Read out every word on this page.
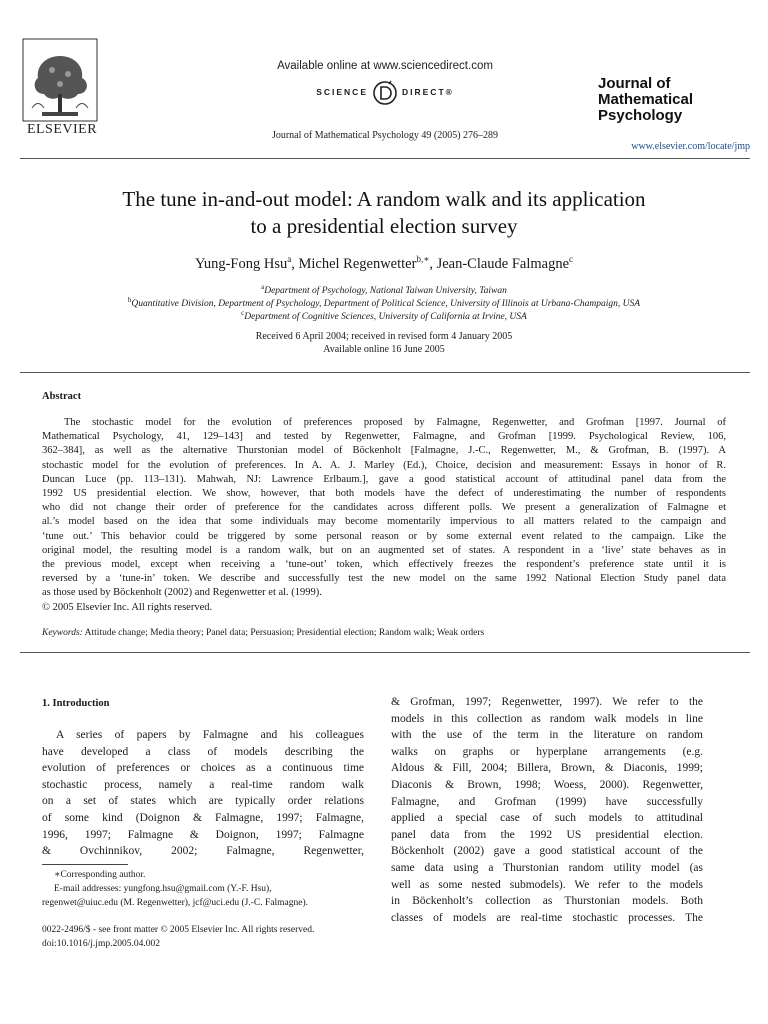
ELSEVIER
Available online at www.sciencedirect.com
SCIENCE	DIRECT®
Journal of Mathematical Psychology 49 (2005) 276–289
Journal of
Mathematical
Psychology
www.elsevier.com/locate/jmp
The tune in-and-out model: A random walk and its application
to a presidential election survey
Yung-Fong Hsu$^a$, Michel Regenwetter$^{b,∗}$, Jean-Claude Falmagne$^c$
$^a$Department of Psychology, National Taiwan University, Taiwan
$^b$Quantitative Division, Department of Psychology, Department of Political Science, University of Illinois at Urbana-Champaign, USA
$^c$Department of Cognitive Sciences, University of California at Irvine, USA
Received 6 April 2004; received in revised form 4 January 2005
Available online 16 June 2005
Abstract
The stochastic model for the evolution of preferences proposed by Falmagne, Regenwetter, and Grofman [1997. Journal of
Mathematical Psychology, 41, 129–143] and tested by Regenwetter, Falmagne, and Grofman [1999. Psychological Review, 106,
362–384], as well as the alternative Thurstonian model of Böckenholt [Falmagne, J.-C., Regenwetter, M., & Grofman, B. (1997). A
stochastic model for the evolution of preferences. In A. A. J. Marley (Ed.), Choice, decision and measurement: Essays in honor of R.
Duncan Luce (pp. 113–131). Mahwah, NJ: Lawrence Erlbaum.], gave a good statistical account of attitudinal panel data from the
1992 US presidential election. We show, however, that both models have the defect of underestimating the number of respondents
who did not change their order of preference for the candidates across different polls. We present a generalization of Falmagne et
al.’s model based on the idea that some individuals may become momentarily impervious to all matters related to the campaign and
‘tune out.’ This behavior could be triggered by some personal reason or by some external event related to the campaign. Like the
original model, the resulting model is a random walk, but on an augmented set of states. A respondent in a ‘live’ state behaves as in
the previous model, except when receiving a ‘tune-out’ token, which effectively freezes the respondent’s preference state until it is
reversed by a ‘tune-in’ token. We describe and successfully test the new model on the same 1992 National Election Study panel data
as those used by Böckenholt (2002) and Regenwetter et al. (1999).
© 2005 Elsevier Inc. All rights reserved.
Keywords: Attitude change; Media theory; Panel data; Persuasion; Presidential election; Random walk; Weak orders
1. Introduction
A series of papers by Falmagne and his colleagues
have developed a class of models describing the
evolution of preferences or choices as a continuous time
stochastic process, namely a real-time random walk
on a set of states which are typically order relations
of some kind (Doignon & Falmagne, 1997; Falmagne,
1996, 1997; Falmagne & Doignon, 1997; Falmagne
& Ovchinnikov, 2002; Falmagne, Regenwetter,
& Grofman, 1997; Regenwetter, 1997). We refer to the
models in this collection as random walk models in line
with the use of the term in the literature on random
walks on graphs or hyperplane arrangements (e.g.
Aldous & Fill, 2004; Billera, Brown, & Diaconis, 1999;
Diaconis & Brown, 1998; Woess, 2000). Regenwetter,
Falmagne, and Grofman (1999) have successfully
applied a special case of such models to attitudinal
panel data from the 1992 US presidential election.
Böckenholt (2002) gave a good statistical account of the
same data using a Thurstonian random utility model (as
well as some nested submodels). We refer to the models
in Böckenholt’s collection as Thurstonian models. Both
classes of models are real-time stochastic processes. The
∗Corresponding author.
E-mail addresses: yungfong.hsu@gmail.com (Y.-F. Hsu),
regenwet@uiuc.edu (M. Regenwetter), jcf@uci.edu (J.-C. Falmagne).
0022-2496/$ - see front matter © 2005 Elsevier Inc. All rights reserved.
doi:10.1016/j.jmp.2005.04.002
